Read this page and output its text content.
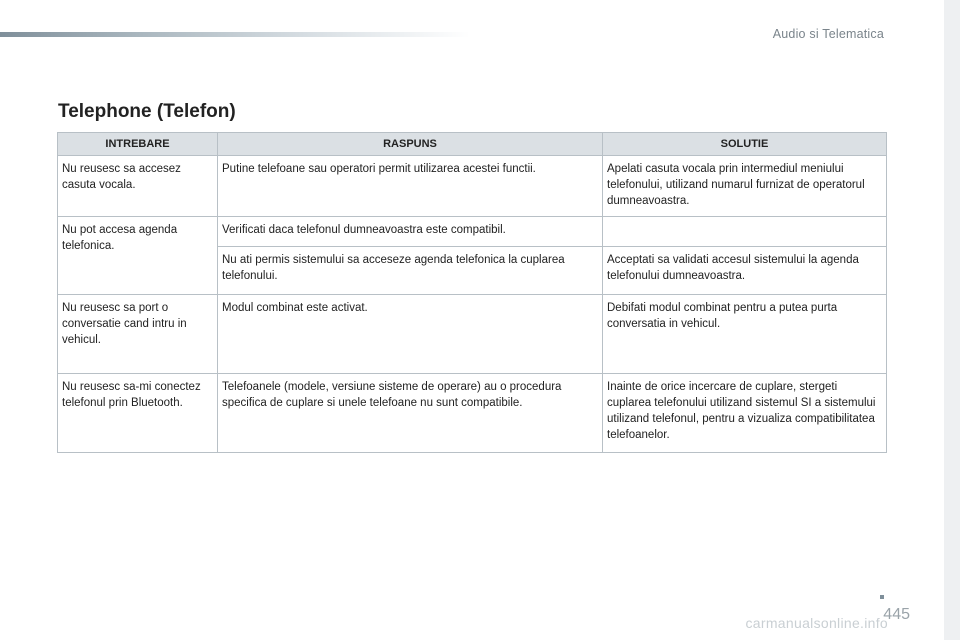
Audio si Telematica
Telephone (Telefon)
INTREBARE	RASPUNS	SOLUTIE
Nu reusesc sa accesez casuta vocala.	Putine telefoane sau operatori permit utilizarea acestei functii.	Apelati casuta vocala prin intermediul meniului telefonului, utilizand numarul furnizat de operatorul dumneavoastra.
Nu pot accesa agenda telefonica.	Verificati daca telefonul dumneavoastra este compatibil.	
	Nu ati permis sistemului sa acceseze agenda telefonica la cuplarea telefonului.	Acceptati sa validati accesul sistemului la agenda telefonului dumneavoastra.
Nu reusesc sa port o conversatie cand intru in vehicul.	Modul combinat este activat.	Debifati modul combinat pentru a putea purta conversatia in vehicul.
Nu reusesc sa-mi conectez telefonul prin Bluetooth.	Telefoanele (modele, versiune sisteme de operare) au o procedura specifica de cuplare si unele telefoane nu sunt compatibile.	Inainte de orice incercare de cuplare, stergeti cuplarea telefonului utilizand sistemul SI a sistemului utilizand telefonul, pentru a vizualiza compatibilitatea telefoanelor.
445
carmanualsonline.info
